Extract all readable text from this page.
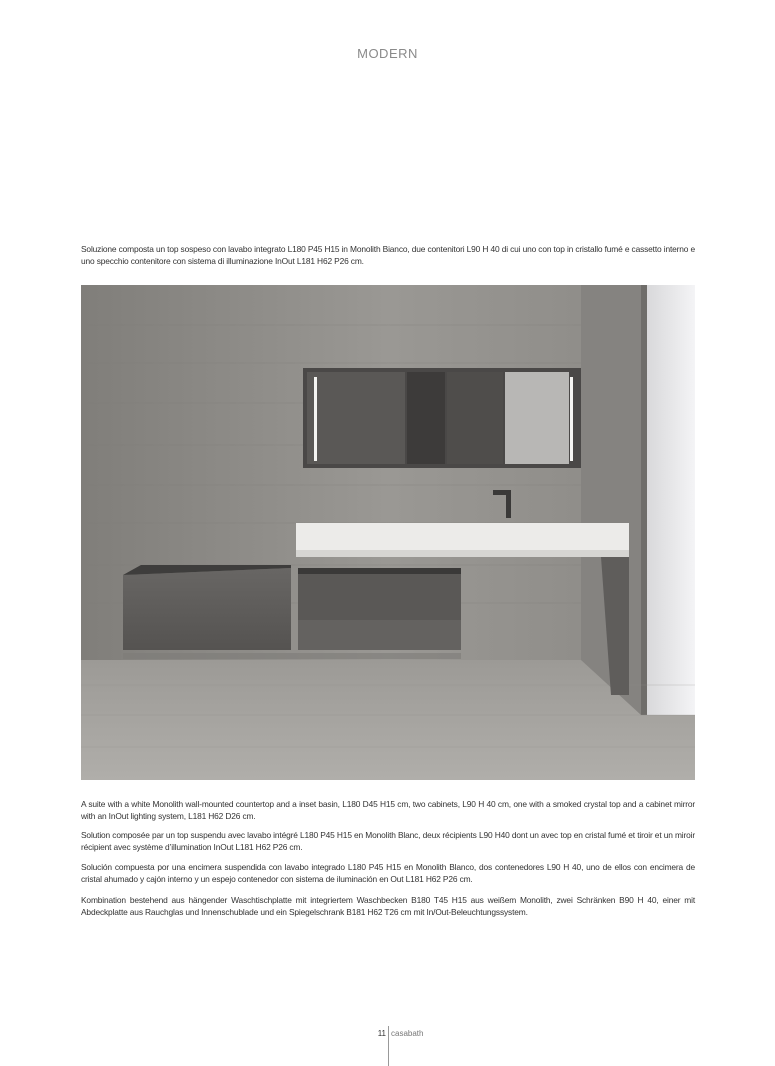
MODERN

Soluzione composta un top sospeso con lavabo integrato L180 P45 H15 in Monolith Bianco, due contenitori L90 H 40 di cui uno con top in cristallo fumé e cassetto interno e uno specchio contenitore con sistema di illuminazione InOut L181 H62 P26 cm.

A suite with a white Monolith wall-mounted countertop and a inset basin, L180 D45 H15 cm, two cabinets, L90 H 40 cm, one with a smoked crystal top and a cabinet mirror with an InOut lighting system, L181 H62 D26 cm.

Solution composée par un top suspendu avec lavabo intégré L180 P45 H15 en Monolith Blanc, deux récipients L90 H40 dont un avec top en cristal fumé et tiroir et un miroir récipient avec système d’illumination InOut L181 H62 P26 cm.

Solución compuesta por una encimera suspendida con lavabo integrado L180 P45 H15 en Monolith Blanco, dos contenedores L90 H 40, uno de ellos con encimera de cristal ahumado y cajón interno y un espejo contenedor con sistema de iluminación en Out L181 H62 P26 cm.

Kombination bestehend aus hängender Waschtischplatte mit integriertem Waschbecken B180 T45 H15 aus weißem Monolith, zwei Schränken B90 H 40, einer mit Abdeckplatte aus Rauchglas und Innenschublade und ein Spiegelschrank B181 H62 T26 cm mit In/Out-Beleuchtungssystem.

11 casabath
